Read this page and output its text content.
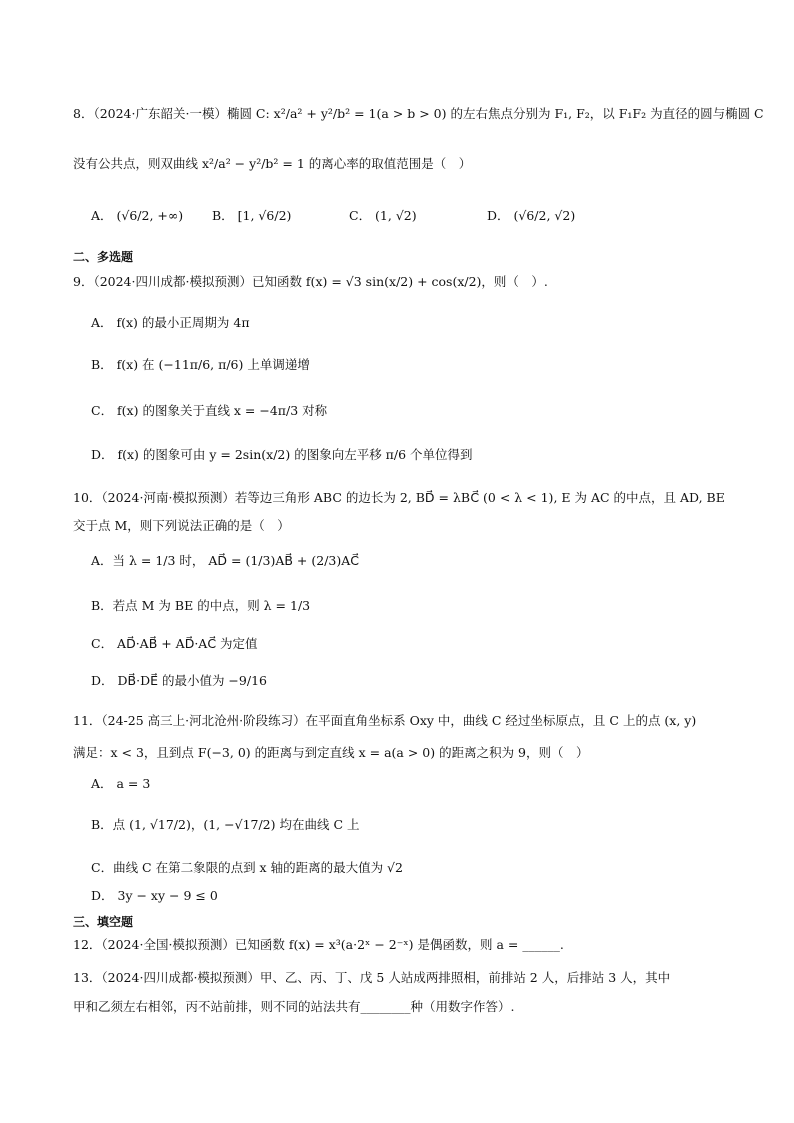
8．（2024·广东韶关·一模）椭圆 C: x²/a² + y²/b² = 1(a > b > 0) 的左右焦点分别为 F₁, F₂，以 F₁F₂ 为直径的圆与椭圆 C
没有公共点，则双曲线 x²/a² − y²/b² = 1 的离心率的取值范围是（　）
A． (√6/2, +∞) B． [1, √6/2)	C． (1, √2)	D． (√6/2, √2)
二、多选题
9．（2024·四川成都·模拟预测）已知函数 f(x) = √3 sin(x/2) + cos(x/2)，则（　）.
A． f(x) 的最小正周期为 4π
B． f(x) 在 (−11π/6, π/6) 上单调递增
C． f(x) 的图象关于直线 x = −4π/3 对称
D． f(x) 的图象可由 y = 2sin(x/2) 的图象向左平移 π/6 个单位得到
10．（2024·河南·模拟预测）若等边三角形 ABC 的边长为 2, BD⃗ = λBC⃗ (0 < λ < 1), E 为 AC 的中点，且 AD, BE
交于点 M，则下列说法正确的是（　）
A．当 λ = 1/3 时， AD⃗ = (1/3)AB⃗ + (2/3)AC⃗
B．若点 M 为 BE 的中点，则 λ = 1/3
C． AD⃗·AB⃗ + AD⃗·AC⃗ 为定值
D． DB⃗·DE⃗ 的最小值为 −9/16
11．（24-25 高三上·河北沧州·阶段练习）在平面直角坐标系 Oxy 中，曲线 C 经过坐标原点，且 C 上的点 (x, y)
满足：x < 3，且到点 F(−3, 0) 的距离与到定直线 x = a(a > 0) 的距离之积为 9，则（　）
A． a = 3
B．点 (1, √17/2)，(1, −√17/2) 均在曲线 C 上
C．曲线 C 在第二象限的点到 x 轴的距离的最大值为 √2
D． 3y − xy − 9 ≤ 0
三、填空题
12．（2024·全国·模拟预测）已知函数 f(x) = x³(a·2ˣ − 2⁻ˣ) 是偶函数，则 a = ______.
13．（2024·四川成都·模拟预测）甲、乙、丙、丁、戊 5 人站成两排照相，前排站 2 人，后排站 3 人，其中
甲和乙须左右相邻，丙不站前排，则不同的站法共有________种（用数字作答）.
